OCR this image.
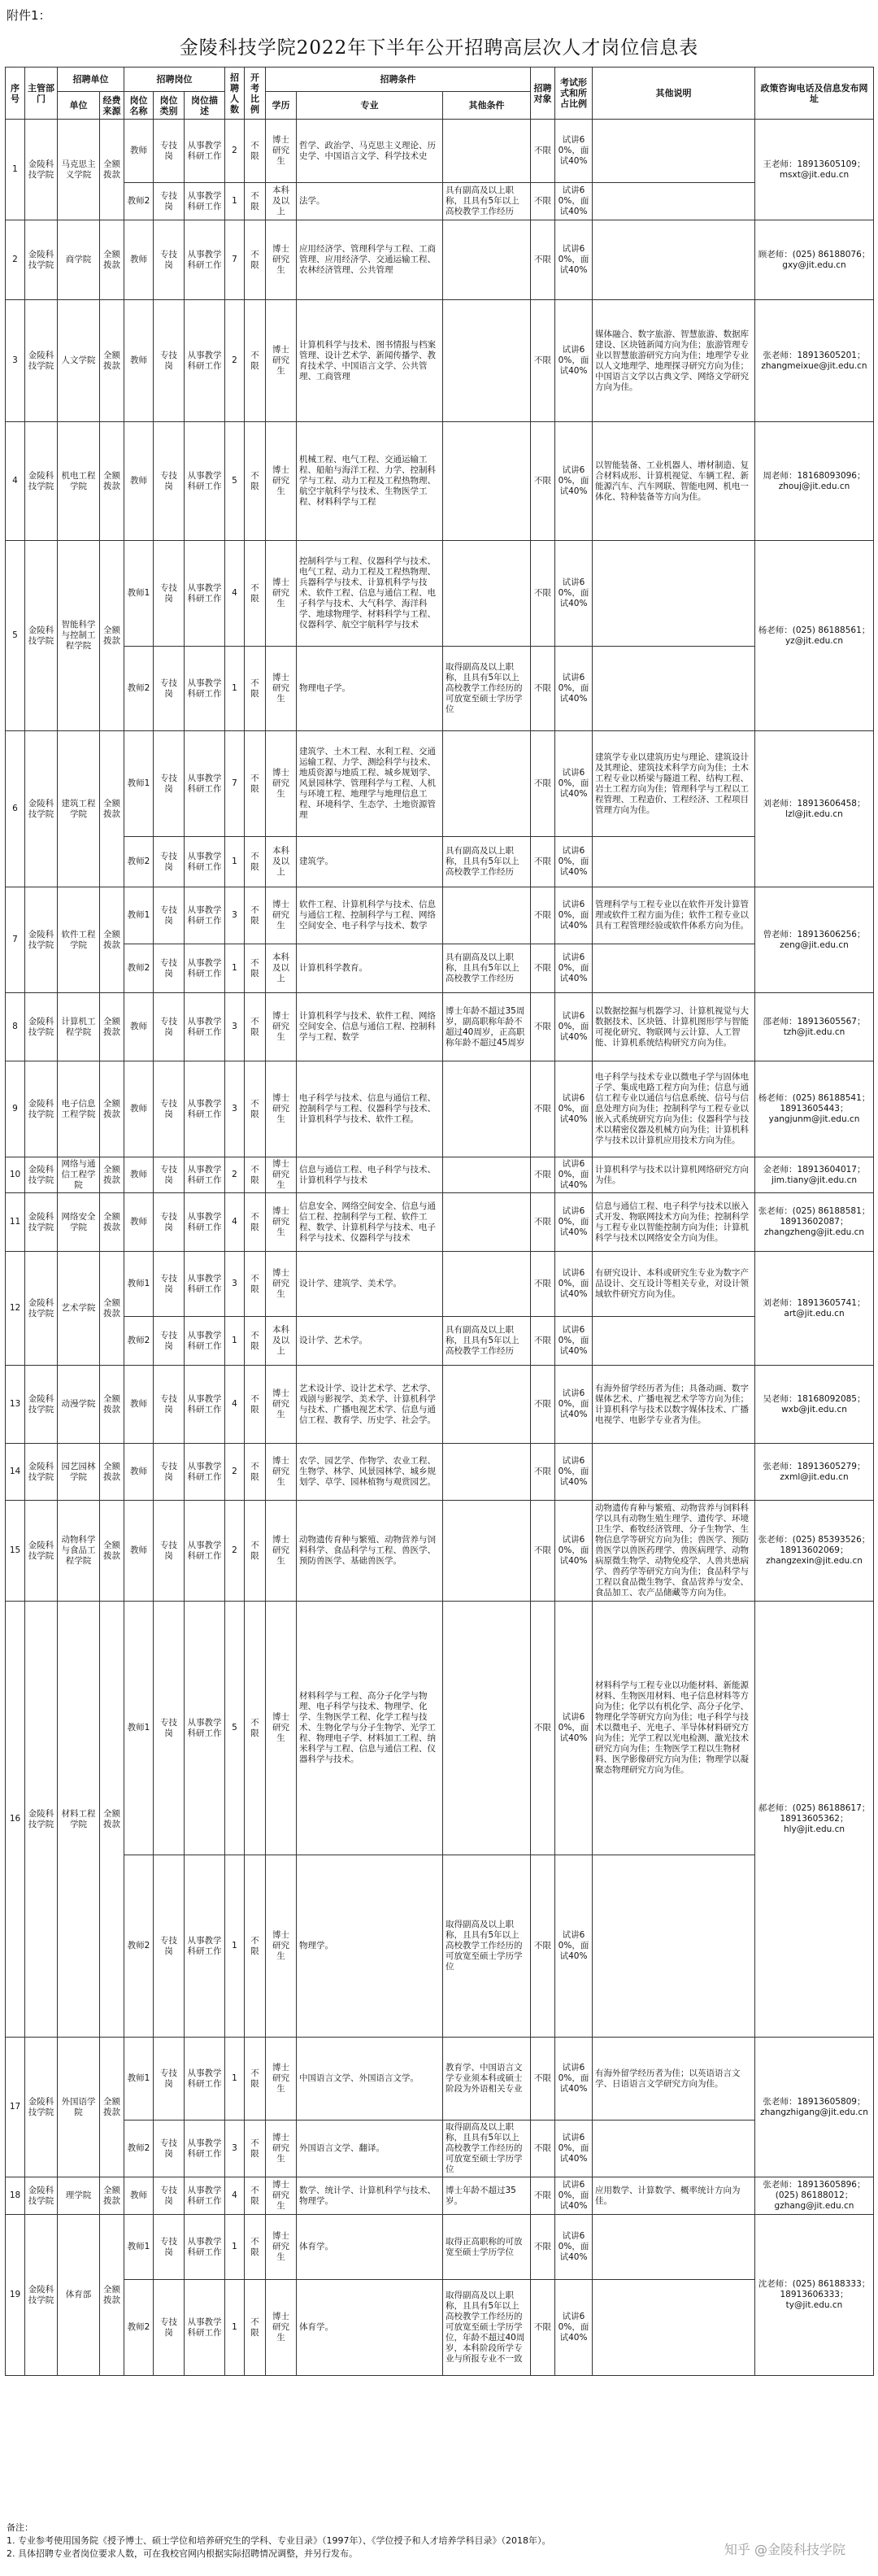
附件1：
金陵科技学院2022年下半年公开招聘高层次人才岗位信息表
序号	主管部门	招聘单位		招聘岗位			招聘人数	开考比例	招聘条件			招聘对象	考试形式和所占比例	其他说明	政策咨询电话及信息发布网址
		单位	经费来源	岗位名称	岗位类别	岗位描述			学历	专业	其他条件				
1	金陵科技学院	马克思主义学院	全额拨款	教师	专技岗	从事教学科研工作	2	不限	博士研究生	哲学、政治学、马克思主义理论、历史学、中国语言文学、科学技术史		不限	试讲60%，面试40%		王老师：18913605109；
msxt@jit.edu.cn
				教师2	专技岗	从事教学科研工作	1	不限	本科及以上	法学。	具有副高及以上职称，且具有5年以上高校教学工作经历	不限	试讲60%，面试40%		
2	金陵科技学院	商学院	全额拨款	教师	专技岗	从事教学科研工作	7	不限	博士研究生	应用经济学、管理科学与工程、工商管理、应用经济学、交通运输工程、农林经济管理、公共管理		不限	试讲60%，面试40%		顾老师：(025) 86188076；
gxy@jit.edu.cn
3	金陵科技学院	人文学院	全额拨款	教师	专技岗	从事教学科研工作	2	不限	博士研究生	计算机科学与技术、图书情报与档案管理、设计艺术学、新闻传播学、教育技术学、中国语言文学、公共管理、工商管理		不限	试讲60%，面试40%	媒体融合、数字旅游、智慧旅游、数据库建设、区块链新闻方向为佳；旅游管理专业以智慧旅游研究方向为佳；地理学专业以人文地理学、地理探寻研究方向为佳；中国语言文学以古典文学、网络文学研究方向为佳。	张老师：18913605201；
zhangmeixue@jit.edu.cn
4	金陵科技学院	机电工程学院	全额拨款	教师	专技岗	从事教学科研工作	5	不限	博士研究生	机械工程、电气工程、交通运输工程、船舶与海洋工程、力学、控制科学与工程、动力工程及工程热物理、航空宇航科学与技术、生物医学工程、材料科学与工程		不限	试讲60%，面试40%	以智能装备、工业机器人、增材制造、复合材料成形、计算机视觉、车辆工程、新能源汽车、汽车网联、智能电网、机电一体化、特种装备等方向为佳。	周老师：18168093096；
zhouj@jit.edu.cn
5	金陵科技学院	智能科学与控制工程学院	全额拨款	教师1	专技岗	从事教学科研工作	4	不限	博士研究生	控制科学与工程、仪器科学与技术、电气工程、动力工程及工程热物理、兵器科学与技术、计算机科学与技术、软件工程、信息与通信工程、电子科学与技术、大气科学、海洋科学、地球物理学、材料科学与工程、仪器科学、航空宇航科学与技术		不限	试讲60%，面试40%		杨老师：(025) 86188561；
yz@jit.edu.cn
				教师2	专技岗	从事教学科研工作	1	不限	博士研究生	物理电子学。	取得副高及以上职称，且具有5年以上高校教学工作经历的可放宽至硕士学历学位	不限	试讲60%，面试40%		
6	金陵科技学院	建筑工程学院	全额拨款	教师1	专技岗	从事教学科研工作	7	不限	博士研究生	建筑学、土木工程、水利工程、交通运输工程、力学、测绘科学与技术、地质资源与地质工程、城乡规划学、风景园林学、管理科学与工程、人机与环境工程、地理学与地理信息工程、环境科学、生态学、土地资源管理		不限	试讲60%，面试40%	建筑学专业以建筑历史与理论、建筑设计及其理论、建筑技术科学方向为佳；土木工程专业以桥梁与隧道工程、结构工程、岩土工程方向为佳；管理科学与工程以工程管理、工程造价、工程经济、工程项目管理方向为佳。	刘老师：18913606458；
lzl@jit.edu.cn
				教师2	专技岗	从事教学科研工作	1	不限	本科及以上	建筑学。	具有副高及以上职称，且具有5年以上高校教学工作经历	不限	试讲60%，面试40%		
7	金陵科技学院	软件工程学院	全额拨款	教师1	专技岗	从事教学科研工作	3	不限	博士研究生	软件工程、计算机科学与技术、信息与通信工程、控制科学与工程、网络空间安全、电子科学与技术、数学		不限	试讲60%，面试40%	管理科学与工程专业以在软件开发计算管理或软件工程方面为佳；软件工程专业以具有工程管理经验或软件体系方向为佳。	曾老师：18913606256；
zeng@jit.edu.cn
				教师2	专技岗	从事教学科研工作	1	不限	本科及以上	计算机科学教育。	具有副高及以上职称，且具有5年以上高校教学工作经历	不限	试讲60%，面试40%		
8	金陵科技学院	计算机工程学院	全额拨款	教师	专技岗	从事教学科研工作	3	不限	博士研究生	计算机科学与技术、软件工程、网络空间安全、信息与通信工程、控制科学与工程、数学	博士年龄不超过35周岁，副高职称年龄不超过40周岁，正高职称年龄不超过45周岁	不限	试讲60%，面试40%	以数据挖掘与机器学习、计算机视觉与大数据技术、区块链、计算机图形学与智能可视化研究、物联网与云计算、人工智能、计算机系统结构研究方向为佳。	邵老师：18913605567；
tzh@jit.edu.cn
9	金陵科技学院	电子信息工程学院	全额拨款	教师	专技岗	从事教学科研工作	3	不限	博士研究生	电子科学与技术、信息与通信工程、控制科学与工程、仪器科学与技术、计算机科学与技术、软件工程。		不限	试讲60%，面试40%	电子科学与技术专业以微电子学与固体电子学、集成电路工程方向为佳；信息与通信工程专业以通信与信息系统、信号与信息处理方向为佳；控制科学与工程专业以嵌入式系统研究方向为佳；仪器科学与技术以精密仪器及机械方向为佳；计算机科学与技术以计算机应用技术方向为佳。	杨老师：(025) 86188541；18913605443；
yangjunm@jit.edu.cn
10	金陵科技学院	网络与通信工程学院	全额拨款	教师	专技岗	从事教学科研工作	2	不限	博士研究生	信息与通信工程、电子科学与技术、计算机科学与技术		不限	试讲60%，面试40%	计算机科学与技术以计算机网络研究方向为佳。	金老师：18913604017；
jim.tiany@jit.edu.cn
11	金陵科技学院	网络安全学院	全额拨款	教师	专技岗	从事教学科研工作	4	不限	博士研究生	信息安全、网络空间安全、信息与通信工程、控制科学与工程、软件工程、数学、计算机科学与技术、电子科学与技术、仪器科学与技术		不限	试讲60%，面试40%	信息与通信工程、电子科学与技术以嵌入式开发、物联网技术方向为佳；控制科学与工程专业以智能控制方向为佳；计算机科学与技术以网络安全方向为佳。	张老师：(025) 86188581；18913602087；
zhangzheng@jit.edu.cn
12	金陵科技学院	艺术学院	全额拨款	教师1	专技岗	从事教学科研工作	3	不限	博士研究生	设计学、建筑学、美术学。		不限	试讲60%，面试40%	有研究设计、本科或研究生专业为数字产品设计、交互设计等相关专业，对设计领域软件研究方向为佳。	刘老师：18913605741；
art@jit.edu.cn
				教师2	专技岗	从事教学科研工作	1	不限	本科及以上	设计学、艺术学。	具有副高及以上职称，且具有5年以上高校教学工作经历	不限	试讲60%，面试40%		
13	金陵科技学院	动漫学院	全额拨款	教师	专技岗	从事教学科研工作	4	不限	博士研究生	艺术设计学、设计艺术学、艺术学、戏剧与影视学、美术学、计算机科学与技术、广播电视艺术学、信息与通信工程、教育学、历史学、社会学。		不限	试讲60%，面试40%	有海外留学经历者为佳；具备动画、数字媒体艺术、广播电视艺术学等方向为佳；计算机科学与技术以数字媒体技术、广播电视学、电影学专业者为佳。	吴老师：18168092085；
wxb@jit.edu.cn
14	金陵科技学院	园艺园林学院	全额拨款	教师	专技岗	从事教学科研工作	2	不限	博士研究生	农学、园艺学、作物学、农业工程、生物学、林学、风景园林学、城乡规划学、草学、园林植物与观赏园艺。		不限	试讲60%，面试40%		张老师：18913605279；
zxml@jit.edu.cn
15	金陵科技学院	动物科学与食品工程学院	全额拨款	教师	专技岗	从事教学科研工作	2	不限	博士研究生	动物遗传育种与繁殖、动物营养与饲料科学、食品科学与工程、兽医学、预防兽医学、基础兽医学。		不限	试讲60%，面试40%	动物遗传育种与繁殖、动物营养与饲料科学以具有动物生殖生理学、遗传学、环境卫生学、畜牧经济管理、分子生物学、生物信息学等研究方向为佳；兽医学、预防兽医学以兽医药理学、兽医病理学、动物病原微生物学、动物免疫学、人兽共患病学、兽药学等研究方向为佳；食品科学与工程以食品微生物学、食品营养与安全、食品加工、农产品储藏等方向为佳。	张老师：(025) 85393526；18913602069；
zhangzexin@jit.edu.cn
16	金陵科技学院	材料工程学院	全额拨款	教师1	专技岗	从事教学科研工作	5	不限	博士研究生	材料科学与工程、高分子化学与物理、电子科学与技术、物理学、化学、生物医学工程、化学工程与技术、生物化学与分子生物学、光学工程、物理电子学、材料加工工程、纳米科学与工程、信息与通信工程、仪器科学与技术。		不限	试讲60%，面试40%	材料科学与工程专业以功能材料、新能源材料、生物医用材料、电子信息材料等方向为佳；化学以有机化学、高分子化学、物理化学等研究方向为佳；电子科学与技术以微电子、光电子、半导体材料研究方向为佳；光学工程以光电检测、激光技术研究方向为佳；生物医学工程以生物材料、医学影像研究方向为佳；物理学以凝聚态物理研究方向为佳。	郝老师：(025) 86188617；18913605362；
hly@jit.edu.cn
				教师2	专技岗	从事教学科研工作	1	不限	博士研究生	物理学。	取得副高及以上职称，且具有5年以上高校教学工作经历的可放宽至硕士学历学位	不限	试讲60%，面试40%		
17	金陵科技学院	外国语学院	全额拨款	教师1	专技岗	从事教学科研工作	1	不限	博士研究生	中国语言文学、外国语言文学。	教育学、中国语言文学专业须本科或硕士阶段为外语相关专业	不限	试讲60%，面试40%	有海外留学经历者为佳；以英语语言文学、日语语言文学研究方向为佳。	张老师：18913605809；
zhangzhigang@jit.edu.cn
				教师2	专技岗	从事教学科研工作	3	不限	博士研究生	外国语言文学、翻译。	取得副高及以上职称，且具有5年以上高校教学工作经历的可放宽至硕士学历学位	不限	试讲60%，面试40%		
18	金陵科技学院	理学院	全额拨款	教师	专技岗	从事教学科研工作	4	不限	博士研究生	数学、统计学、计算机科学与技术、物理学。	博士年龄不超过35岁。	不限	试讲60%，面试40%	应用数学、计算数学、概率统计方向为佳。	张老师：18913605896；
(025) 86188012；
gzhang@jit.edu.cn
19	金陵科技学院	体育部	全额拨款	教师1	专技岗	从事教学科研工作	1	不限	博士研究生	体育学。	取得正高职称的可放宽至硕士学历学位	不限	试讲60%，面试40%		沈老师：(025) 86188333；18913606333；
ty@jit.edu.cn
				教师2	专技岗	从事教学科研工作	1	不限	博士研究生	体育学。	取得副高及以上职称，且具有5年以上高校教学工作经历的可放宽至硕士学历学位，年龄不超过40周岁，本科阶段所学专业与所报专业不一致	不限	试讲60%，面试40%		
备注：
1. 专业参考使用国务院《授予博士、硕士学位和培养研究生的学科、专业目录》（1997年）、《学位授予和人才培养学科目录》（2018年）。
2. 具体招聘专业者岗位要求人数，可在我校官网内根据实际招聘情况调整，并另行发布。	知乎 @金陵科技学院
